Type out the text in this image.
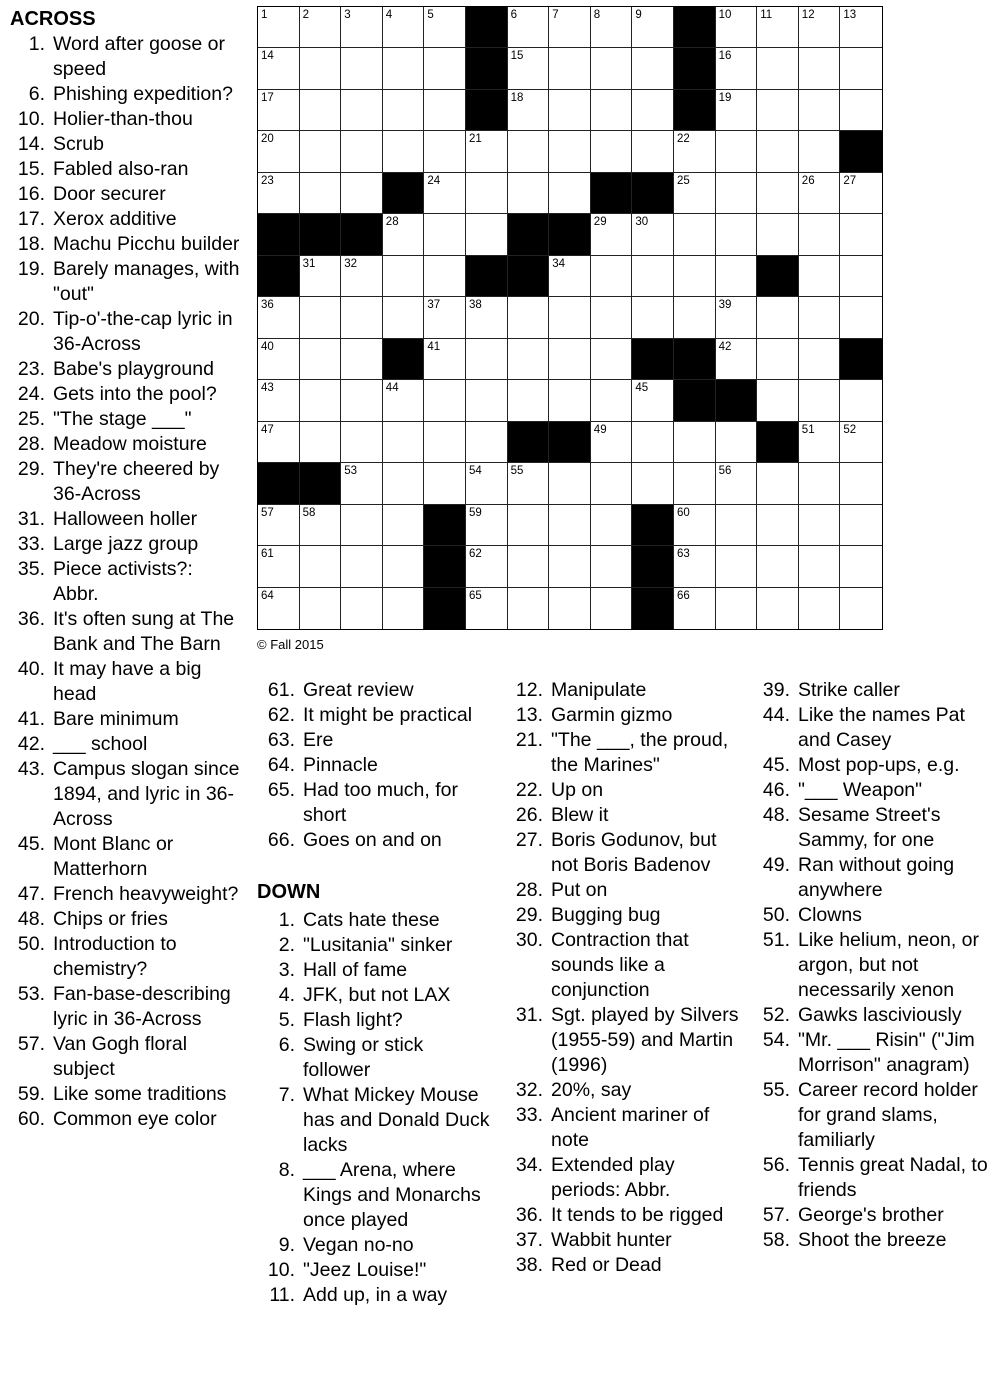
ACROSS
1. Word after goose or speed
6. Phishing expedition?
10. Holier-than-thou
14. Scrub
15. Fabled also-ran
16. Door securer
17. Xerox additive
18. Machu Picchu builder
19. Barely manages, with "out"
20. Tip-o'-the-cap lyric in 36-Across
23. Babe's playground
24. Gets into the pool?
25. "The stage ___"
28. Meadow moisture
29. They're cheered by 36-Across
31. Halloween holler
33. Large jazz group
35. Piece activists?: Abbr.
36. It's often sung at The Bank and The Barn
40. It may have a big head
41. Bare minimum
42. ___ school
43. Campus slogan since 1894, and lyric in 36-Across
45. Mont Blanc or Matterhorn
47. French heavyweight?
48. Chips or fries
50. Introduction to chemistry?
53. Fan-base-describing lyric in 36-Across
57. Van Gogh floral subject
59. Like some traditions
60. Common eye color
61. Great review
62. It might be practical
63. Ere
64. Pinnacle
65. Had too much, for short
66. Goes on and on
DOWN
1. Cats hate these
2. "Lusitania" sinker
3. Hall of fame
4. JFK, but not LAX
5. Flash light?
6. Swing or stick follower
7. What Mickey Mouse has and Donald Duck lacks
8. ___ Arena, where Kings and Monarchs once played
9. Vegan no-no
10. "Jeez Louise!"
11. Add up, in a way
12. Manipulate
13. Garmin gizmo
21. "The ___, the proud, the Marines"
22. Up on
26. Blew it
27. Boris Godunov, but not Boris Badenov
28. Put on
29. Bugging bug
30. Contraction that sounds like a conjunction
31. Sgt. played by Silvers (1955-59) and Martin (1996)
32. 20%, say
33. Ancient mariner of note
34. Extended play periods: Abbr.
36. It tends to be rigged
37. Wabbit hunter
38. Red or Dead
39. Strike caller
44. Like the names Pat and Casey
45. Most pop-ups, e.g.
46. "___ Weapon"
48. Sesame Street's Sammy, for one
49. Ran without going anywhere
50. Clowns
51. Like helium, neon, or argon, but not necessarily xenon
52. Gawks lasciviously
54. "Mr. ___ Risin" ("Jim Morrison" anagram)
55. Career record holder for grand slams, familiarly
56. Tennis great Nadal, to friends
57. George's brother
58. Shoot the breeze
1	2	3	4	5	6	7	8	9	10	11	12	13
14	15	16
17	18	19
20	21	22
23	24	25	26	27
28	29	30
31	32	34
36	37	38	39
40	41	42
43	44	45
47	49	51	52
53	54	55	56
57	58	59	60
61	62	63
64	65	66
© Fall 2015
